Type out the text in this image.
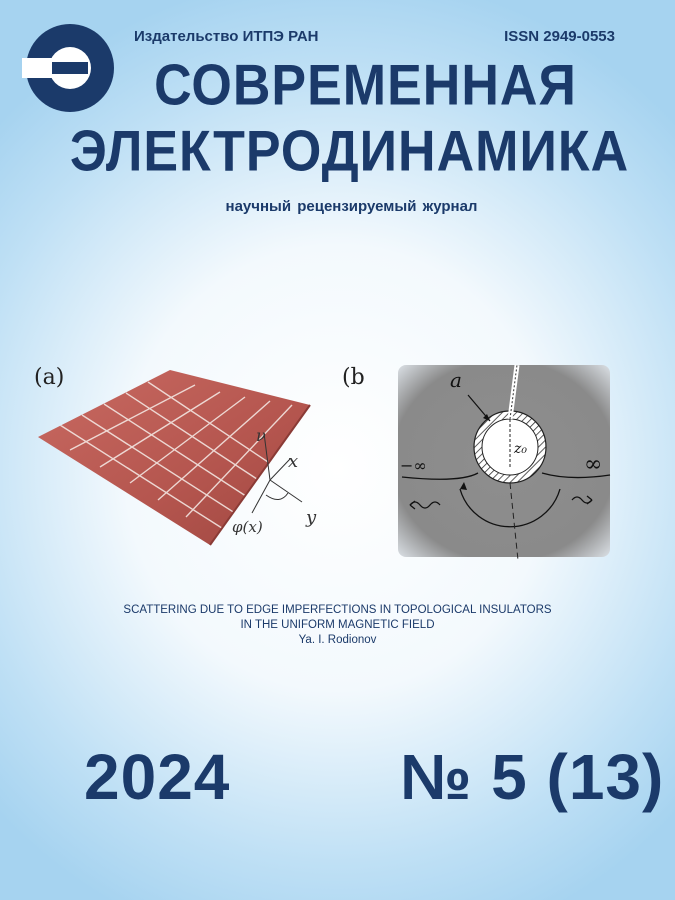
Издательство ИТПЭ РАН	ISSN 2949-0553
СОВРЕМЕННАЯ
ЭЛЕКТРОДИНАМИКА
научный рецензируемый журнал
(a)
ν
x
y
φ(x)
(b	a
z₀
−∞	∞
SCATTERING DUE TO EDGE IMPERFECTIONS IN TOPOLOGICAL INSULATORS
IN THE UNIFORM MAGNETIC FIELD
Ya. I. Rodionov
2024	№ 5 (13)
